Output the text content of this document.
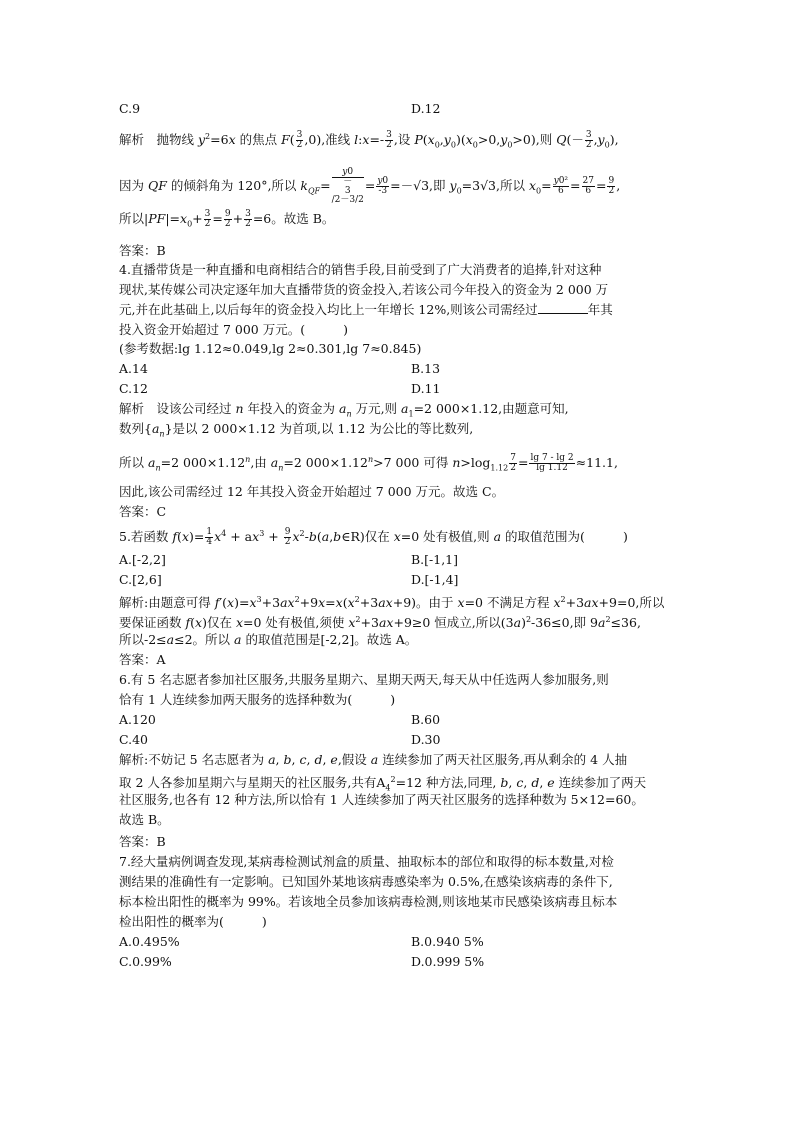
C.9	D.12
解析　抛物线 $y^2=6x$ 的焦点 $F( \frac{3}{2} ,0)$,准线 l:x=- $\frac{3}{2}$ ,设 $P(x_0,y_0)(x_0>0,y_0>0)$,则 $Q(- \frac{3}{2} ,y_0)$,
因为 QF 的倾斜角为 120°,所以 $k_{QF}= y0$
－
3
$/2-3/2 = \frac{y0}{-3} =-√3$,即 $y_0=3√3$,所以 $x_0= \frac{\text{y0²}}{6} = \frac{27}{6} = \frac{9}{2}$ ,
所以$|PF|=x_0+ \frac{3}{2} = \frac{9}{2} + \frac{3}{2} =6$。故选 B。
答案：B
4.直播带货是一种直播和电商相结合的销售手段,目前受到了广大消费者的追捧,针对这种
现状,某传媒公司决定逐年加大直播带货的资金投入,若该公司今年投入的资金为 2 000 万
元,并在此基础上,以后每年的资金投入均比上一年增长 12%,则该公司需经过	年其
投入资金开始超过 7 000 万元。(	)
(参考数据:lg 1.12≈0.049,lg 2≈0.301,lg 7≈0.845)
A.14	B.13
C.12	D.11
解析　设该公司经过 n 年投入的资金为 $a_n$ 万元,则 $a_1=2$ 000×1.12,由题意可知,
数列$\{a_n\}$是以 2 000×1.12 为首项,以 1.12 为公比的等比数列,
所以 $a_n=2$ $000\times 1.12^n$,由 $a_n=2$ $000\times 1.12^n>7$ 000 可得 $n>\log_{1.12} \frac{7}{2} = \frac{\lg 7 - \lg 2}{\lg 1.12} \approx 11.1$,
因此,该公司需经过 12 年其投入资金开始超过 7 000 万元。故选 C。
答案：C
5.若函数 $f(x)= \frac{1}{4} x^4 + ax^3 + \frac{9}{2}$ $x^2-b(a,b\in R)$仅在 x=0 处有极值,则 a 的取值范围为(	)
A.[-2,2]	B.[-1,1]
C.[2,6]	D.[-1,4]
解析:由题意可得 $f'(x)=x^3+3ax^2+9x=x(x^2+3ax+9)$。由于 x=0 不满足方程 $x^2+3ax+9=0$,所以
要保证函数 f(x)仅在 x=0 处有极值,须使 $x^2+3ax+9\ge 0$ 恒成立,所以$(3a)^2-36\le 0$,即 $9a^2\le 36$,
所以-2≤a≤2。所以 a 的取值范围是[-2,2]。故选 A。
答案：A
6.有 5 名志愿者参加社区服务,共服务星期六、星期天两天,每天从中任选两人参加服务,则
恰有 1 人连续参加两天服务的选择种数为(	)
A.120	B.60
C.40	D.30
解析:不妨记 5 名志愿者为 a, b, c, d, e,假设 a 连续参加了两天社区服务,再从剩余的 4 人抽
取 2 人各参加星期六与星期天的社区服务,共有$A_4^2=12$ 种方法,同理, b, c, d, e 连续参加了两天
社区服务,也各有 12 种方法,所以恰有 1 人连续参加了两天社区服务的选择种数为 5×12=60。
故选 B。
答案：B
7.经大量病例调查发现,某病毒检测试剂盒的质量、抽取标本的部位和取得的标本数量,对检
测结果的准确性有一定影响。已知国外某地该病毒感染率为 0.5%,在感染该病毒的条件下,
标本检出阳性的概率为 99%。若该地全员参加该病毒检测,则该地某市民感染该病毒且标本
检出阳性的概率为(	)
A.0.495%	B.0.940 5%
C.0.99%	D.0.999 5%
